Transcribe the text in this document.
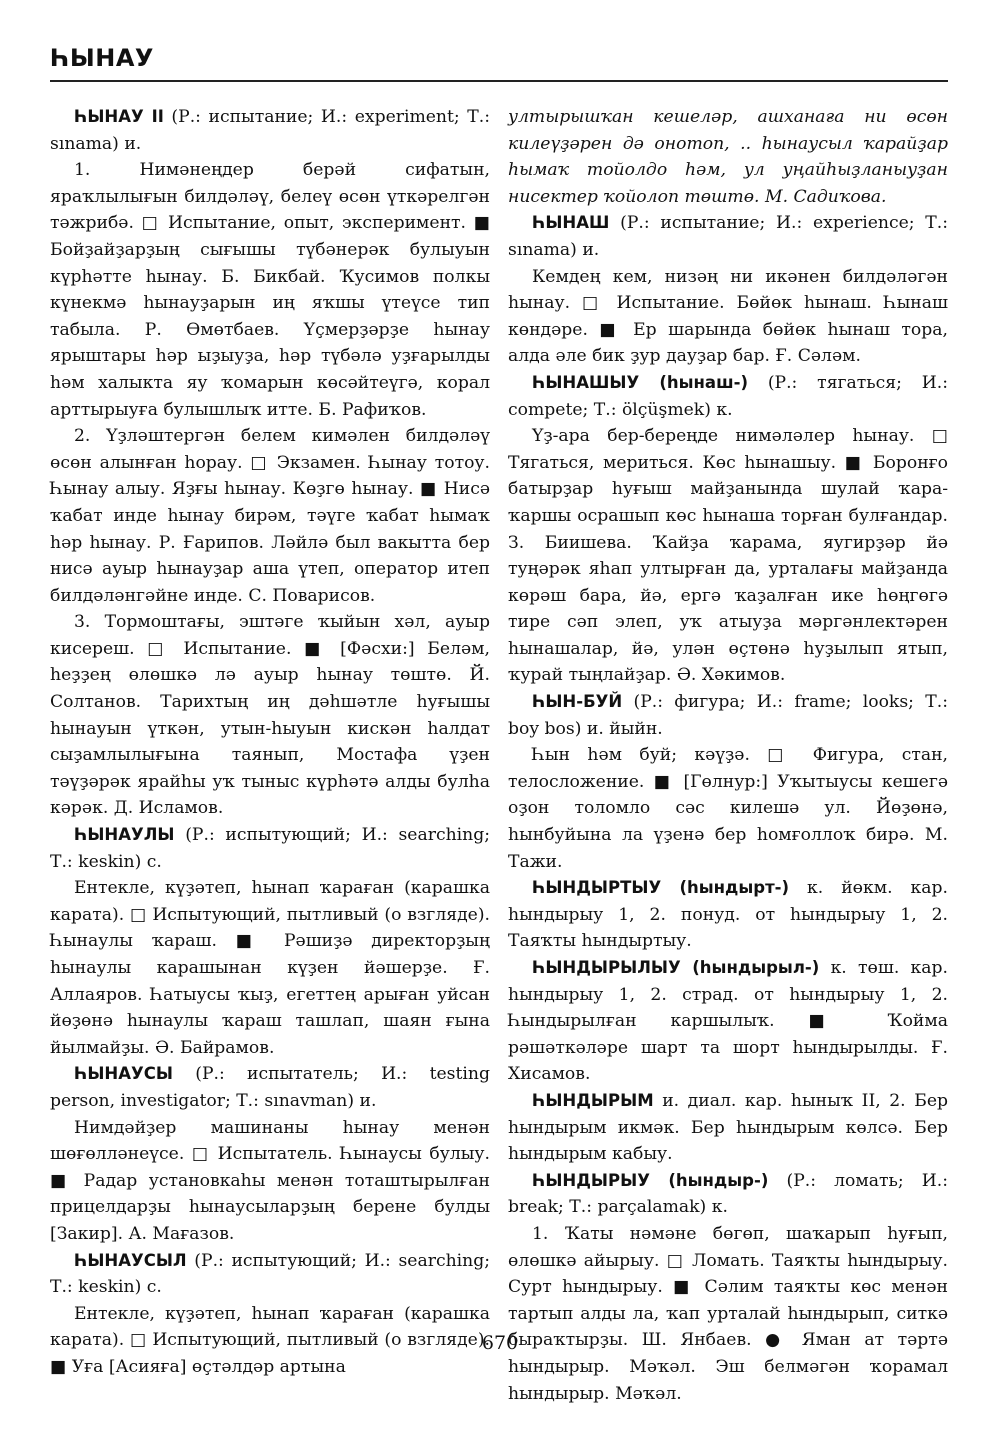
ҺЫНАУ

ҺЫНАУ II (Р.: испытание; И.: experiment; Т.: sınama) и.

1. Нимәнеңдер берәй сифатын, яраҡлылығын билдәләү, белеү өсөн үткәрелгән тәжрибә. □ Испытание, опыт, эксперимент. ■ Бойҙайҙарҙың сығышы түбәнерәк булыуын күрһәтте һынау. Б. Бикбай. Ҡусимов полкы күнекмә һынауҙарын иң яҡшы үтеүсе тип табыла. Р. Өмөтбаев. Үҫмерҙәрҙе һынау ярыштары һәр ыҙыуҙа, һәр түбәлә уҙғарылды һәм халыкта яу ҡомарын көсәйтеүгә, корал арттырыуға булышлыҡ итте. Б. Рафиҡов.

2. Үҙләштергән белем кимәлен билдәләү өсөн алынған һорау. □ Экзамен. Һынау тотоу. Һынау алыу. Яҙғы һынау. Көҙгө һынау. ■ Нисә ҡабат инде һынау бирәм, тәүге ҡабат һымаҡ һәр һынау. Р. Ғарипов. Ләйлә был вакытта бер нисә ауыр һынауҙар аша үтеп, оператор итеп билдәләнгәйне инде. С. Поварисов.

3. Тормоштағы, эштәге ҡыйын хәл, ауыр кисереш. □ Испытание. ■ [Фәсхи:] Беләм, һеҙҙең өлөшкә лә ауыр һынау төштө. Й. Солтанов. Тарихтың иң дәһшәтле һуғышы һынауын үткән, утын-һыуын кискән һалдат сыҙамлылығына таянып, Мостафа үҙен тәүҙәрәк ярайһы уҡ тыныс күрһәтә алды булһа кәрәк. Д. Исламов.

ҺЫНАУЛЫ (Р.: испытующий; И.: searching; Т.: keskin) с.

Ентекле, күҙәтеп, һынап ҡараған (карашка карата). □ Испытующий, пытливый (о взгляде). Һынаулы ҡараш. ■ Рәшиҙә директорҙың һынаулы карашынан күҙен йәшерҙе. Ғ. Аллаяров. Һатыусы ҡыҙ, егеттең арыған уйсан йөҙөнә һынаулы ҡараш ташлап, шаян ғына йылмайҙы. Ә. Байрамов.

ҺЫНАУСЫ (Р.: испытатель; И.: testing person, investigator; Т.: sınavman) и.

Нимдәйҙер машинаны һынау менән шөғөлләнеүсе. □ Испытатель. Һынаусы булыу. ■ Радар установкаһы менән тоташтырылған прицелдарҙы һынаусыларҙың берене булды [Закир]. А. Мағазов.

ҺЫНАУСЫЛ (Р.: испытующий; И.: searching; Т.: keskin) с.

Ентекле, күҙәтеп, һынап ҡараған (карашка карата). □ Испытующий, пытливый (о взгляде). ■ Уға [Асияға] өҫтәлдәр артына

ултырышҡан кешеләр, ашханаға ни өсөн килеүҙәрен дә онотоп, .. һынаусыл ҡарайҙар һымаҡ тойолдо һәм, ул уңайһыҙланыуҙан нисектер ҡойолоп төштө. М. Садиҡова.

ҺЫНАШ (Р.: испытание; И.: experience; Т.: sınama) и.

Кемдең кем, низәң ни икәнен билдәләгән һынау. □ Испытание. Бөйөк һынаш. Һынаш көндәре. ■ Ер шарында бөйөк һынаш тора, алда әле бик ҙур дауҙар бар. Ғ. Сәләм.

ҺЫНАШЫУ (һынаш-) (Р.: тягаться; И.: compete; Т.: ölçüşmek) к.

Үҙ-ара бер-береңде нимәләлер һынау. □ Тягаться, мериться. Көс һынашыу. ■ Боронғо батырҙар һуғыш майҙанында шулай ҡара-ҡаршы осрашып көс һынаша торған булғандар. З. Биишева. Ҡайҙа ҡарама, яугирҙәр йә туңәрәк яһап ултырған да, урталағы майҙанда көрәш бара, йә, ергә ҡаҙалған ике һөңгөгә тире сәп элеп, уҡ атыуҙа мәргәнлектәрен һынашалар, йә, улән өҫтөнә һуҙылып ятып, ҡурай тыңлайҙар. Ә. Хәкимов.

ҺЫН-БУЙ (Р.: фигура; И.: frame; looks; Т.: boy bos) и. йыйн.

Һын һәм буй; кәүҙә. □ Фигура, стан, телосложение. ■ [Гөлнур:] Уҡытыусы кешегә оҙон толомло сәс килешә ул. Йөҙөнә, һынбуйына ла үҙенә бер һомғоллоҡ бирә. М. Тажи.

ҺЫНДЫРТЫУ (һындырт-) к. йөкм. кар. һындырыу 1, 2. понуд. от һындырыу 1, 2. Таяҡты һындыртыу.

ҺЫНДЫРЫЛЫУ (һындырыл-) к. төш. кар. һындырыу 1, 2. страд. от һындырыу 1, 2. Һындырылған каршылыҡ. ■ Ҡойма рәшәткәләре шарт та шорт һындырылды. Ғ. Хисамов.

ҺЫНДЫРЫМ и. диал. кар. һыныҡ II, 2. Бер һындырым икмәк. Бер һындырым көлсә. Бер һындырым кабыу.

ҺЫНДЫРЫУ (һындыр-) (Р.: ломать; И.: break; Т.: parçalamak) к.

1. Ҡаты нәмәне бөгөп, шаҡарып һуғып, өлөшкә айырыу. □ Ломать. Таяҡты һындырыу. Сурт һындырыу. ■ Сәлим таяҡты көс менән тартып алды ла, ҡап урталай һындырып, ситкә быраҡтырҙы. Ш. Янбаев. ● Яман ат тәртә һындырыр. Мәҡәл. Эш белмәгән ҡорамал һындырыр. Мәҡәл.

670
